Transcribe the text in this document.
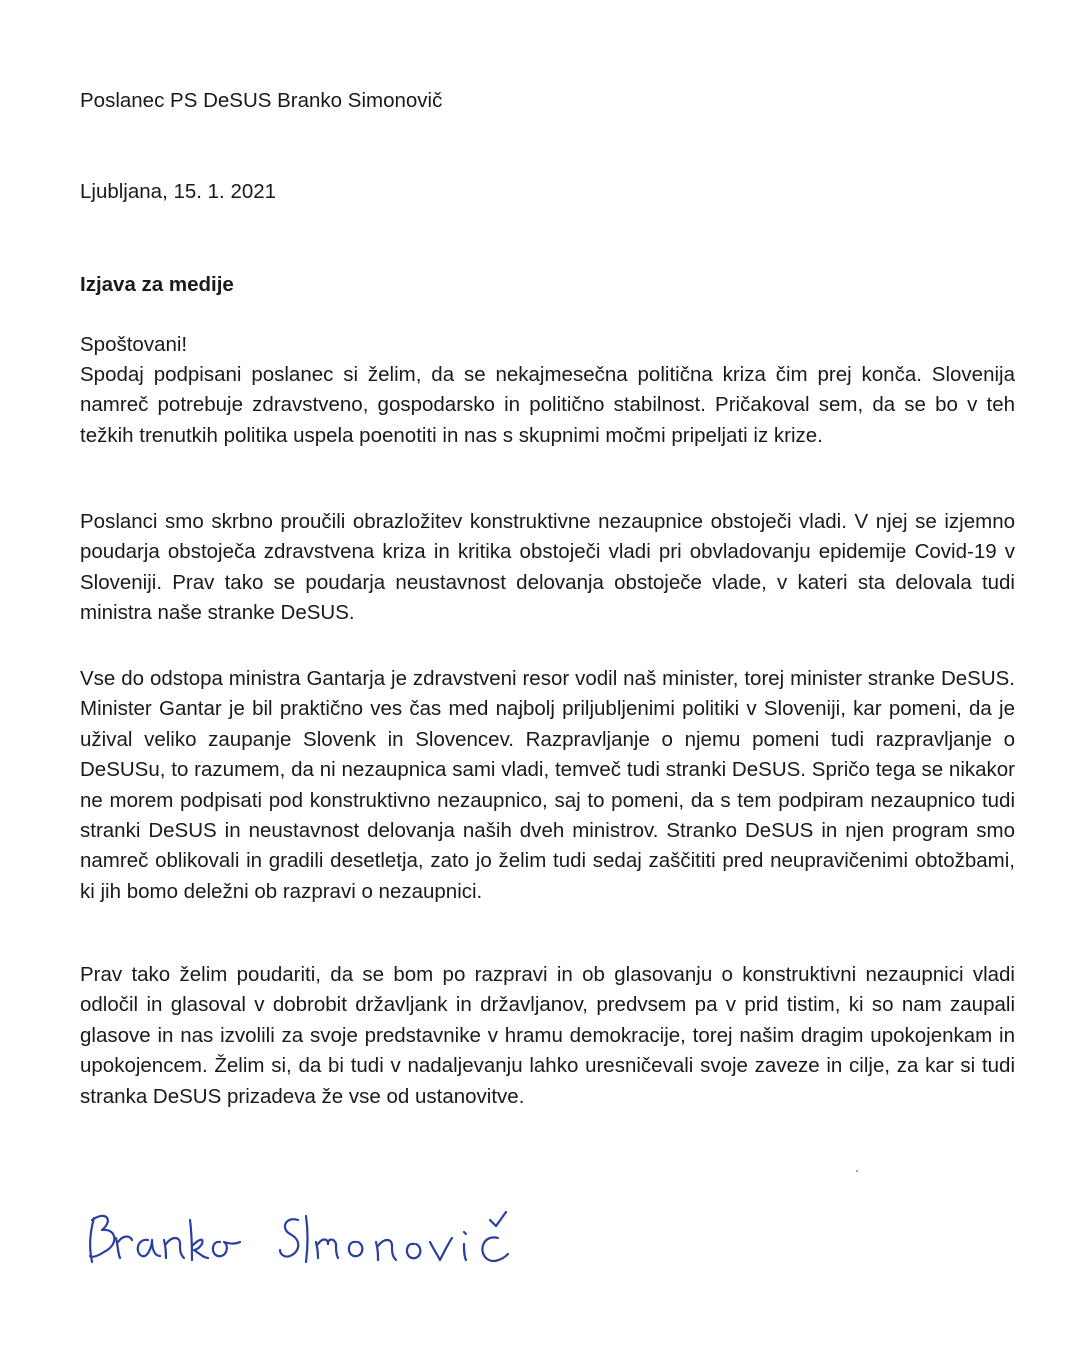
Poslanec PS DeSUS Branko Simonovič
Ljubljana, 15. 1. 2021
Izjava za medije
Spoštovani!
Spodaj podpisani poslanec si želim, da se nekajmesečna politična kriza čim prej konča. Slovenija namreč potrebuje zdravstveno, gospodarsko in politično stabilnost. Pričakoval sem, da se bo v teh težkih trenutkih politika uspela poenotiti in nas s skupnimi močmi pripeljati iz krize.
Poslanci smo skrbno proučili obrazložitev konstruktivne nezaupnice obstoječi vladi. V njej se izjemno poudarja obstoječa zdravstvena kriza in kritika obstoječi vladi pri obvladovanju epidemije Covid-19 v Sloveniji. Prav tako se poudarja neustavnost delovanja obstoječe vlade, v kateri sta delovala tudi ministra naše stranke DeSUS.
Vse do odstopa ministra Gantarja je zdravstveni resor vodil naš minister, torej minister stranke DeSUS. Minister Gantar je bil praktično ves čas med najbolj priljubljenimi politiki v Sloveniji, kar pomeni, da je užival veliko zaupanje Slovenk in Slovencev. Razpravljanje o njemu pomeni tudi razpravljanje o DeSUSu, to razumem, da ni nezaupnica sami vladi, temveč tudi stranki DeSUS. Spričo tega se nikakor ne morem podpisati pod konstruktivno nezaupnico, saj to pomeni, da s tem podpiram nezaupnico tudi stranki DeSUS in neustavnost delovanja naših dveh ministrov. Stranko DeSUS in njen program smo namreč oblikovali in gradili desetletja, zato jo želim tudi sedaj zaščititi pred neupravičenimi obtožbami, ki jih bomo deležni ob razpravi o nezaupnici.
Prav tako želim poudariti, da se bom po razpravi in ob glasovanju o konstruktivni nezaupnici vladi odločil in glasoval v dobrobit državljank in državljanov, predvsem pa v prid tistim, ki so nam zaupali glasove in nas izvolili za svoje predstavnike v hramu demokracije, torej našim dragim upokojenkam in upokojencem. Želim si, da bi tudi v nadaljevanju lahko uresničevali svoje zaveze in cilje, za kar si tudi stranka DeSUS prizadeva že vse od ustanovitve.
